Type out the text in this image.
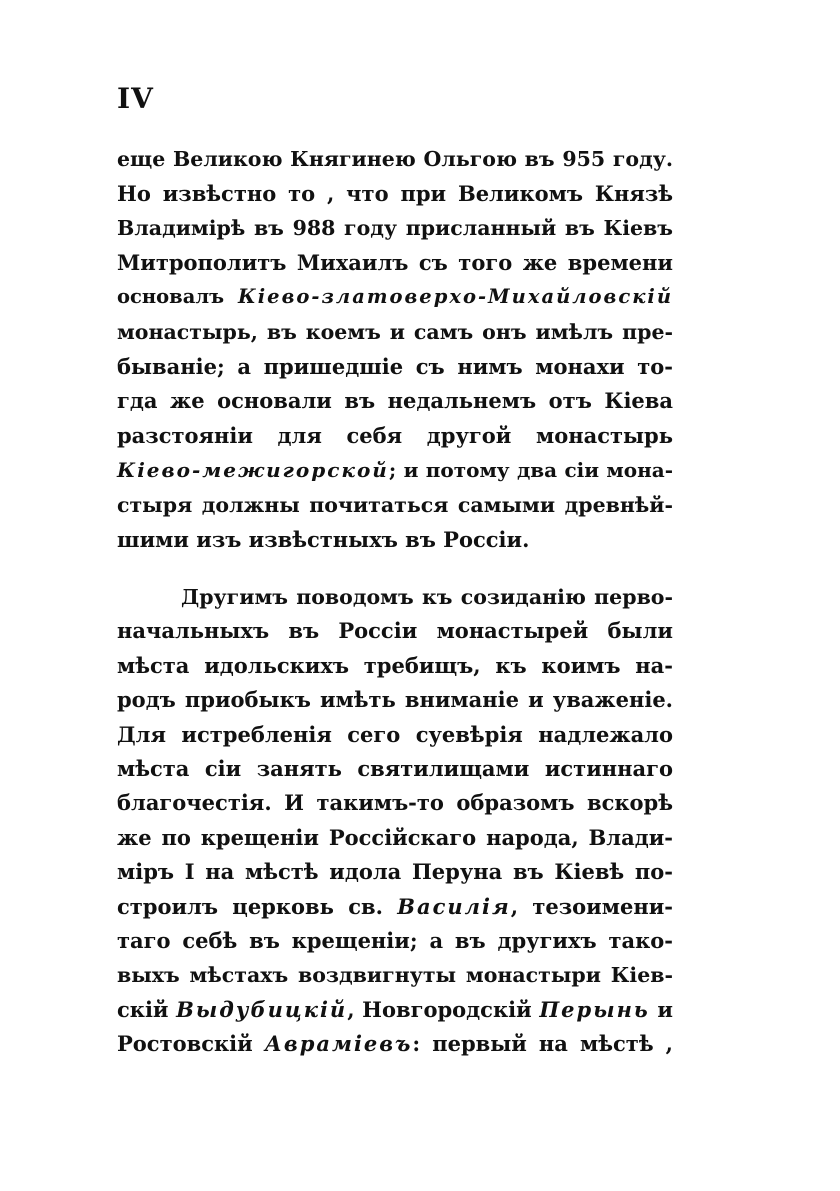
IV
ещe Великою Княгинею Ольгою въ 955 году.
Но извѣстно то , что при Великомъ Князѣ
Владимірѣ въ 988 году присланный въ Кіевъ
Митрополитъ Михаилъ съ того же времени
основалъ Кіево-златоверхо-Михайловскій
монастырь, въ коемъ и самъ онъ имѣлъ пре-
бываніе; а пришедшіе съ нимъ монахи то-
гда же основали въ недальнемъ отъ Кіева
разстояніи для себя другой монастырь
Кіево-межигорской; и потому два сіи мона-
стыря должны почитаться самыми древнѣй-
шими изъ извѣстныхъ въ Россіи.
Другимъ поводомъ къ созиданію перво-
начальныхъ въ Россіи монастырей были
мѣста идольскихъ требищъ, къ коимъ на-
родъ приобыкъ имѣть вниманіе и уваженіе.
Для истребленія сего суевѣрія надлежало
мѣста сіи занять святилищами истиннаго
благочестія. И такимъ-то образомъ вскорѣ
же по крещеніи Россійскаго народа, Влади-
міръ I на мѣстѣ идола Перуна въ Кіевѣ по-
строилъ церковь св. Василія, тезоимени-
таго себѣ въ крещеніи; а въ другихъ тако-
выхъ мѣстахъ воздвигнуты монастыри Кіев-
скій Выдубицкій, Новгородскій Перынь и
Ростовскій Авраміевъ: первый на мѣстѣ ,
